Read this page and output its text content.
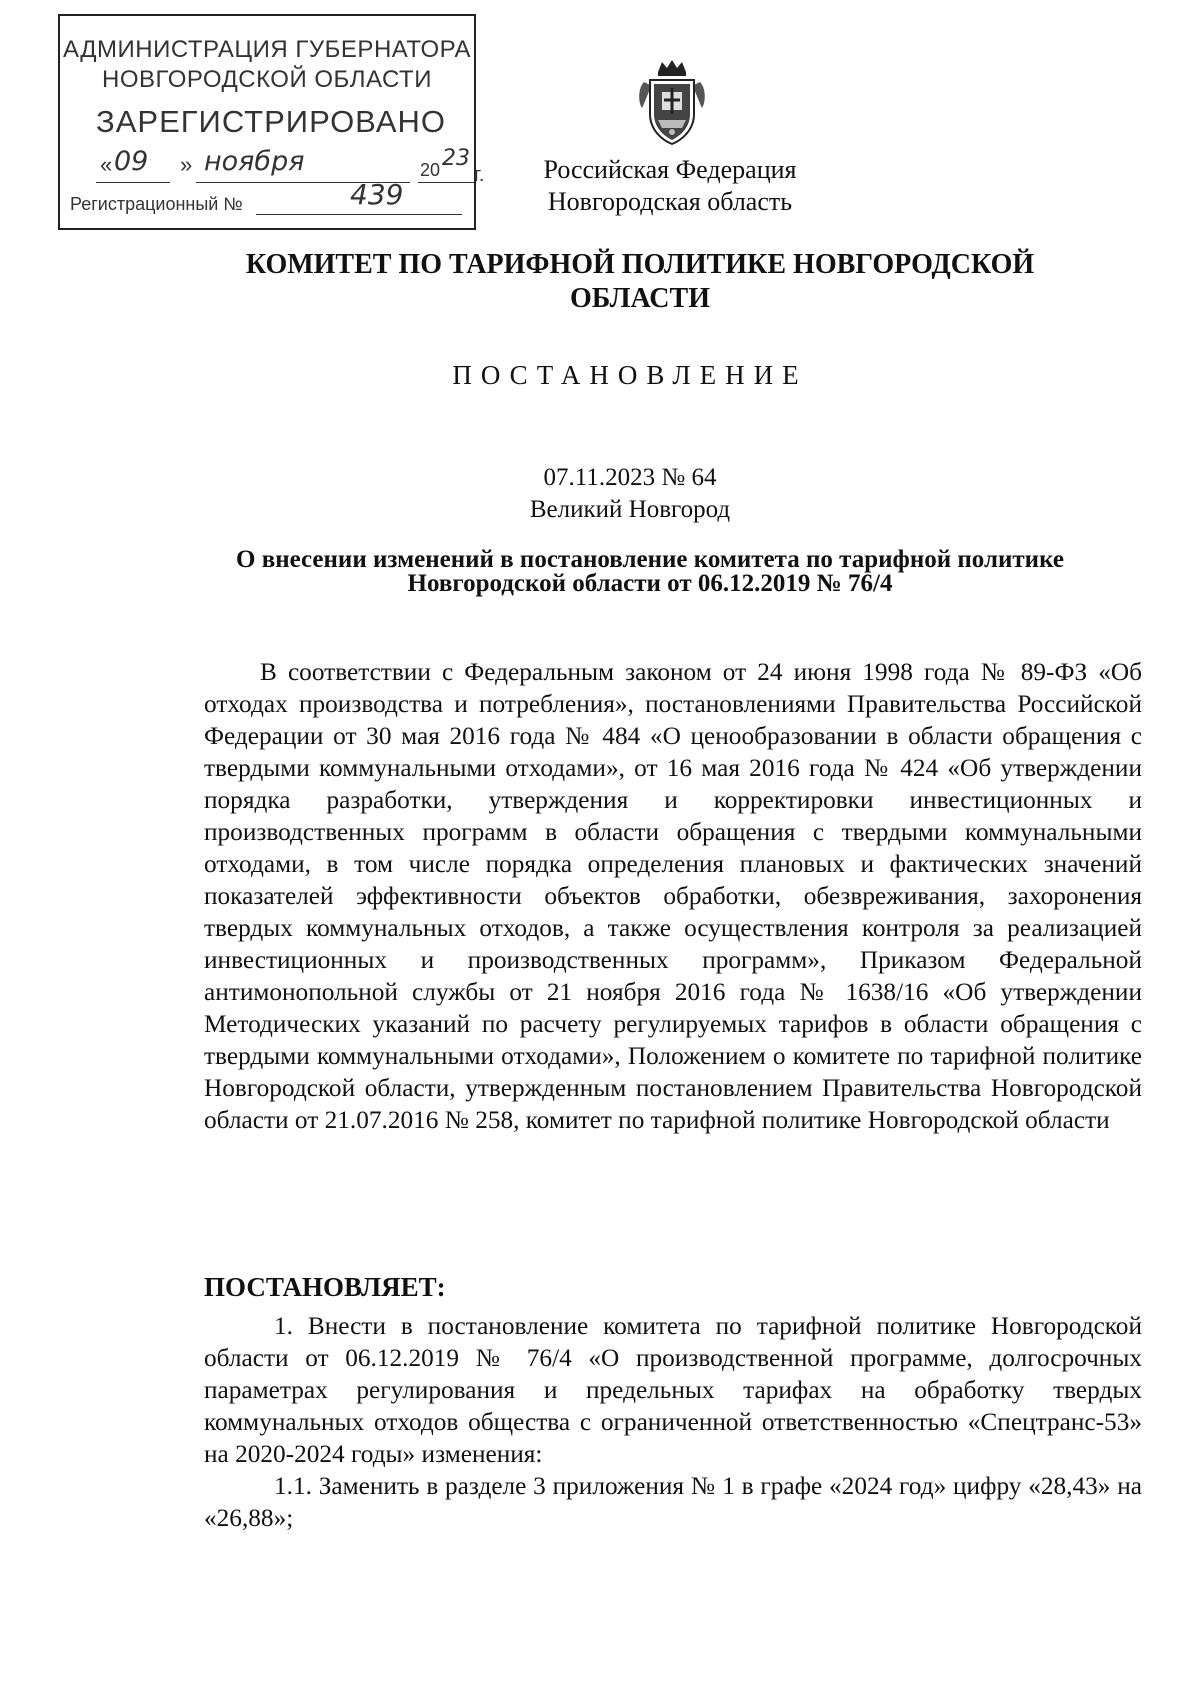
АДМИНИСТРАЦИЯ ГУБЕРНАТОРА
НОВГОРОДСКОЙ ОБЛАСТИ
ЗАРЕГИСТРИРОВАНО
« 09 » ноября	20 23
г.
Регистрационный №	439
Российская Федерация
Новгородская область
КОМИТЕТ ПО ТАРИФНОЙ ПОЛИТИКЕ НОВГОРОДСКОЙ ОБЛАСТИ
ПОСТАНОВЛЕНИЕ
07.11.2023 № 64
Великий Новгород
О внесении изменений в постановление комитета по тарифной политике Новгородской области от 06.12.2019 № 76/4
В соответствии с Федеральным законом от 24 июня 1998 года № 89-ФЗ «Об отходах производства и потребления», постановлениями Правительства Российской Федерации от 30 мая 2016 года № 484 «О ценообразовании в области обращения с твердыми коммунальными отходами», от 16 мая 2016 года № 424 «Об утверждении порядка разработки, утверждения и корректировки инвестиционных и производственных программ в области обращения с твердыми коммунальными отходами, в том числе порядка определения плановых и фактических значений показателей эффективности объектов обработки, обезвреживания, захоронения твердых коммунальных отходов, а также осуществления контроля за реализацией инвестиционных и производственных программ», Приказом Федеральной антимонопольной службы от 21 ноября 2016 года № 1638/16 «Об утверждении Методических указаний по расчету регулируемых тарифов в области обращения с твердыми коммунальными отходами», Положением о комитете по тарифной политике Новгородской области, утвержденным постановлением Правительства Новгородской области от 21.07.2016 № 258, комитет по тарифной политике Новгородской области
ПОСТАНОВЛЯЕТ:
1. Внести в постановление комитета по тарифной политике Новгородской области от 06.12.2019 № 76/4 «О производственной программе, долгосрочных параметрах регулирования и предельных тарифах на обработку твердых коммунальных отходов общества с ограниченной ответственностью «Спецтранс-53» на 2020-2024 годы» изменения:
1.1. Заменить в разделе 3 приложения № 1 в графе «2024 год» цифру «28,43» на «26,88»;
